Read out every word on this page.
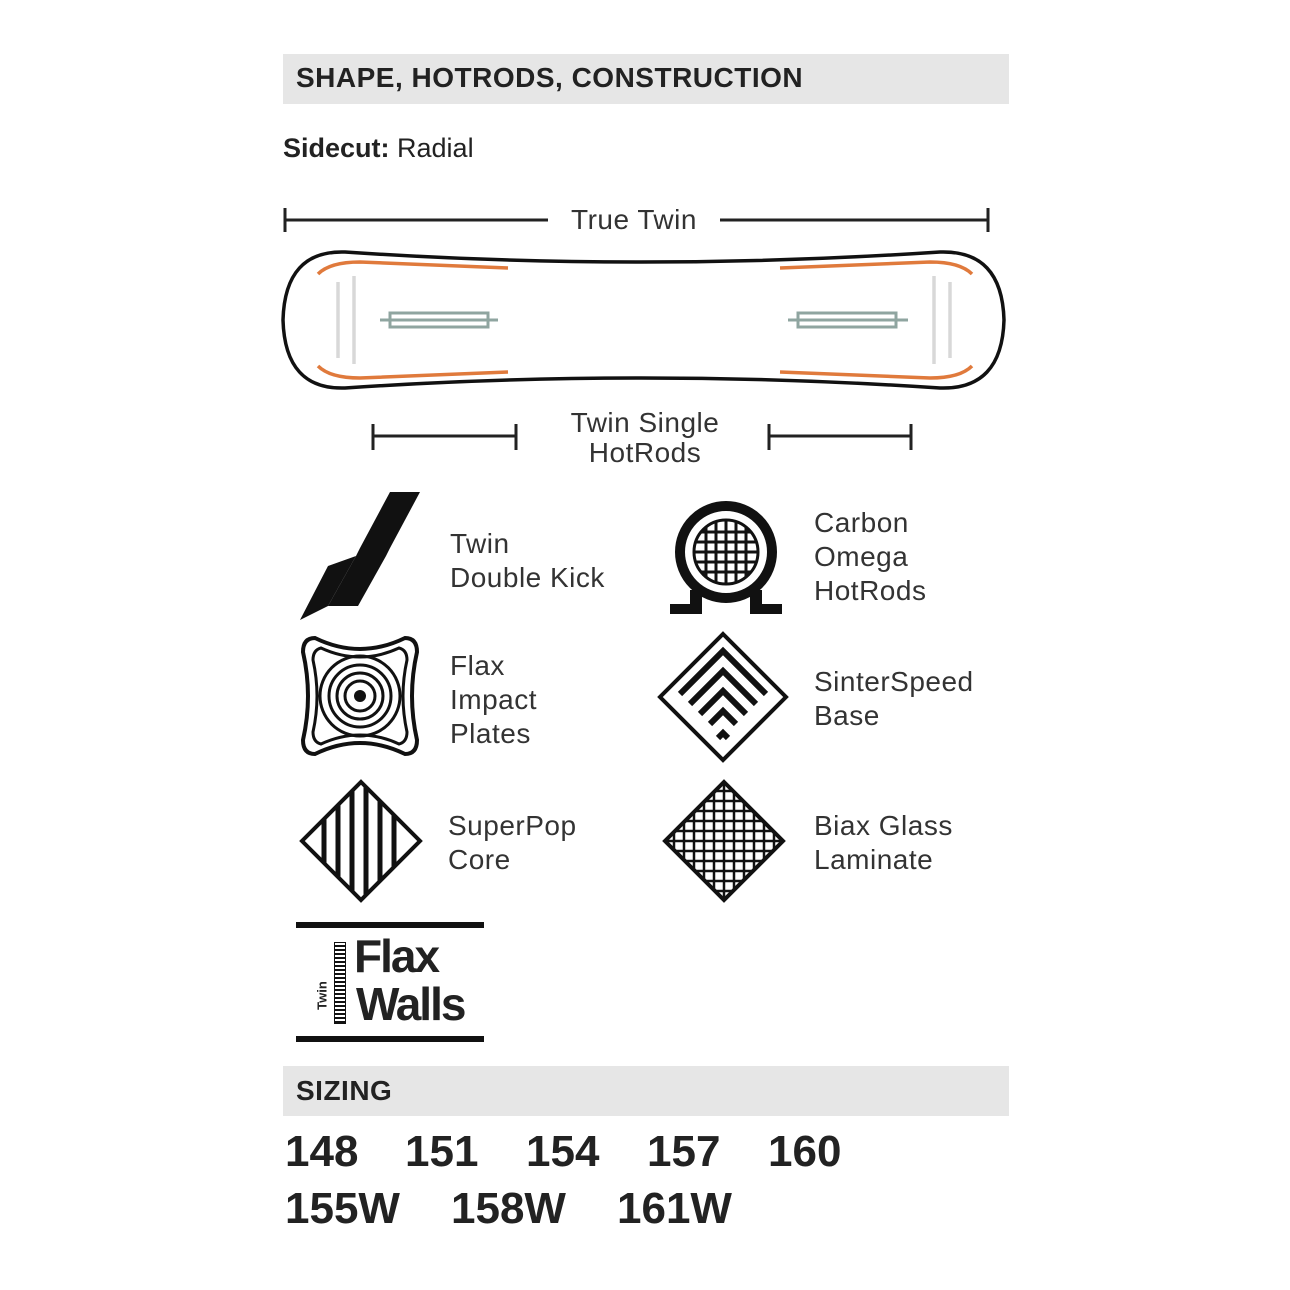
SHAPE, HOTRODS, CONSTRUCTION
Sidecut: Radial
True Twin
Twin Single
HotRods
Twin
Double Kick
Carbon
Omega
HotRods
Flax
Impact
Plates
SinterSpeed
Base
SuperPop
Core
Biax Glass
Laminate
Twin
Flax
Walls
SIZING
148 151 154 157 160
155W 158W 161W
